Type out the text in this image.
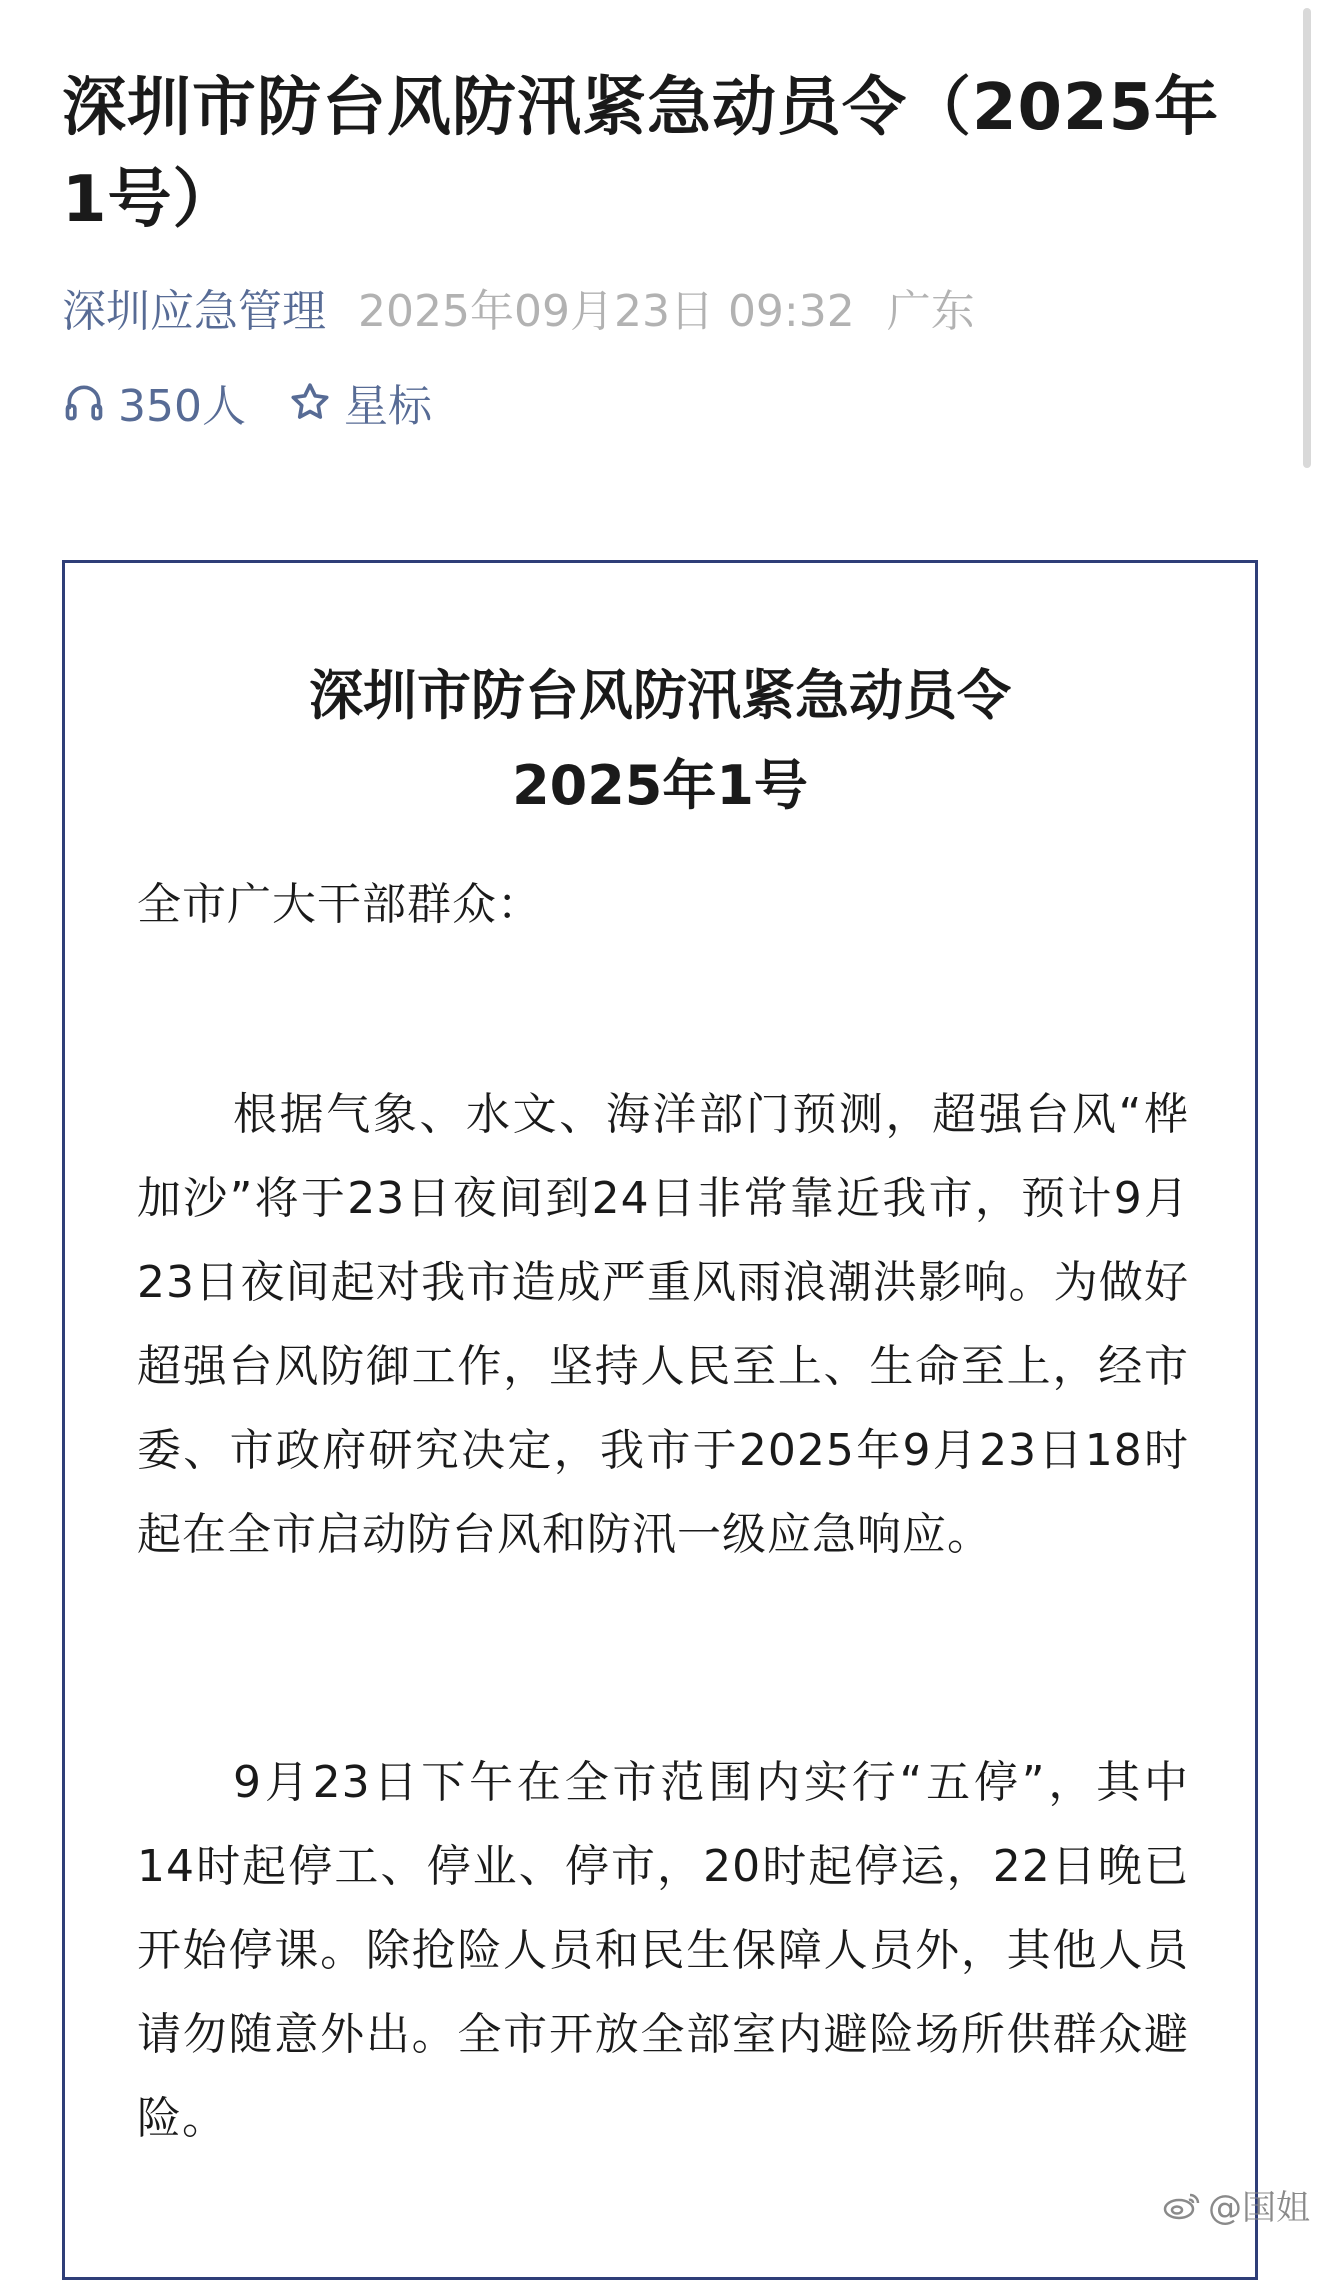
深圳市防台风防汛紧急动员令（2025年1号）
深圳应急管理 2025年09月23日 09:32 广东
350人 星标
深圳市防台风防汛紧急动员令
2025年1号

全市广大干部群众：

根据气象、水文、海洋部门预测，超强台风“桦加沙”将于23日夜间到24日非常靠近我市，预计9月23日夜间起对我市造成严重风雨浪潮洪影响。为做好超强台风防御工作，坚持人民至上、生命至上，经市委、市政府研究决定，我市于2025年9月23日18时起在全市启动防台风和防汛一级应急响应。

9月23日下午在全市范围内实行“五停”，其中14时起停工、停业、停市，20时起停运，22日晚已开始停课。除抢险人员和民生保障人员外，其他人员请勿随意外出。全市开放全部室内避险场所供群众避险。

@国姐
